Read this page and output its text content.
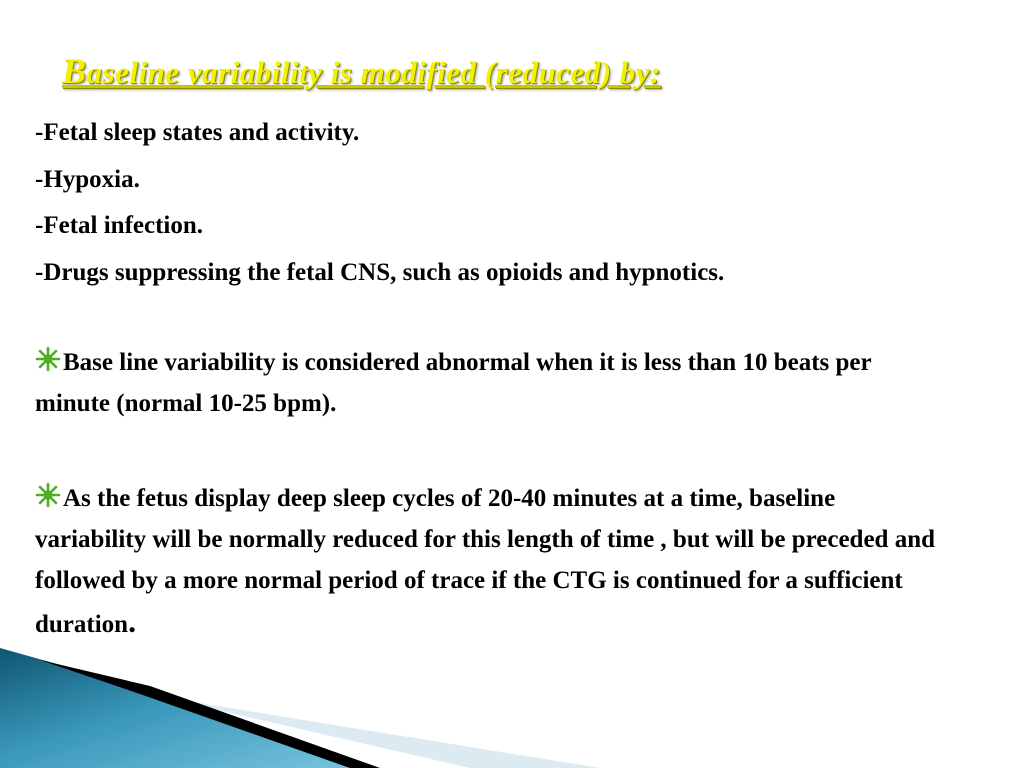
Baseline variability is modified (reduced) by:
-Fetal sleep states and activity.
-Hypoxia.
-Fetal infection.
-Drugs suppressing the fetal CNS, such as opioids and hypnotics.

Base line variability is considered abnormal when it is less than 10 beats per minute (normal 10-25 bpm).

As the fetus display deep sleep cycles of 20-40 minutes at a time, baseline variability will be normally reduced for this length of time , but will be preceded and followed by a more normal period of trace if the CTG is continued for a sufficient duration.
